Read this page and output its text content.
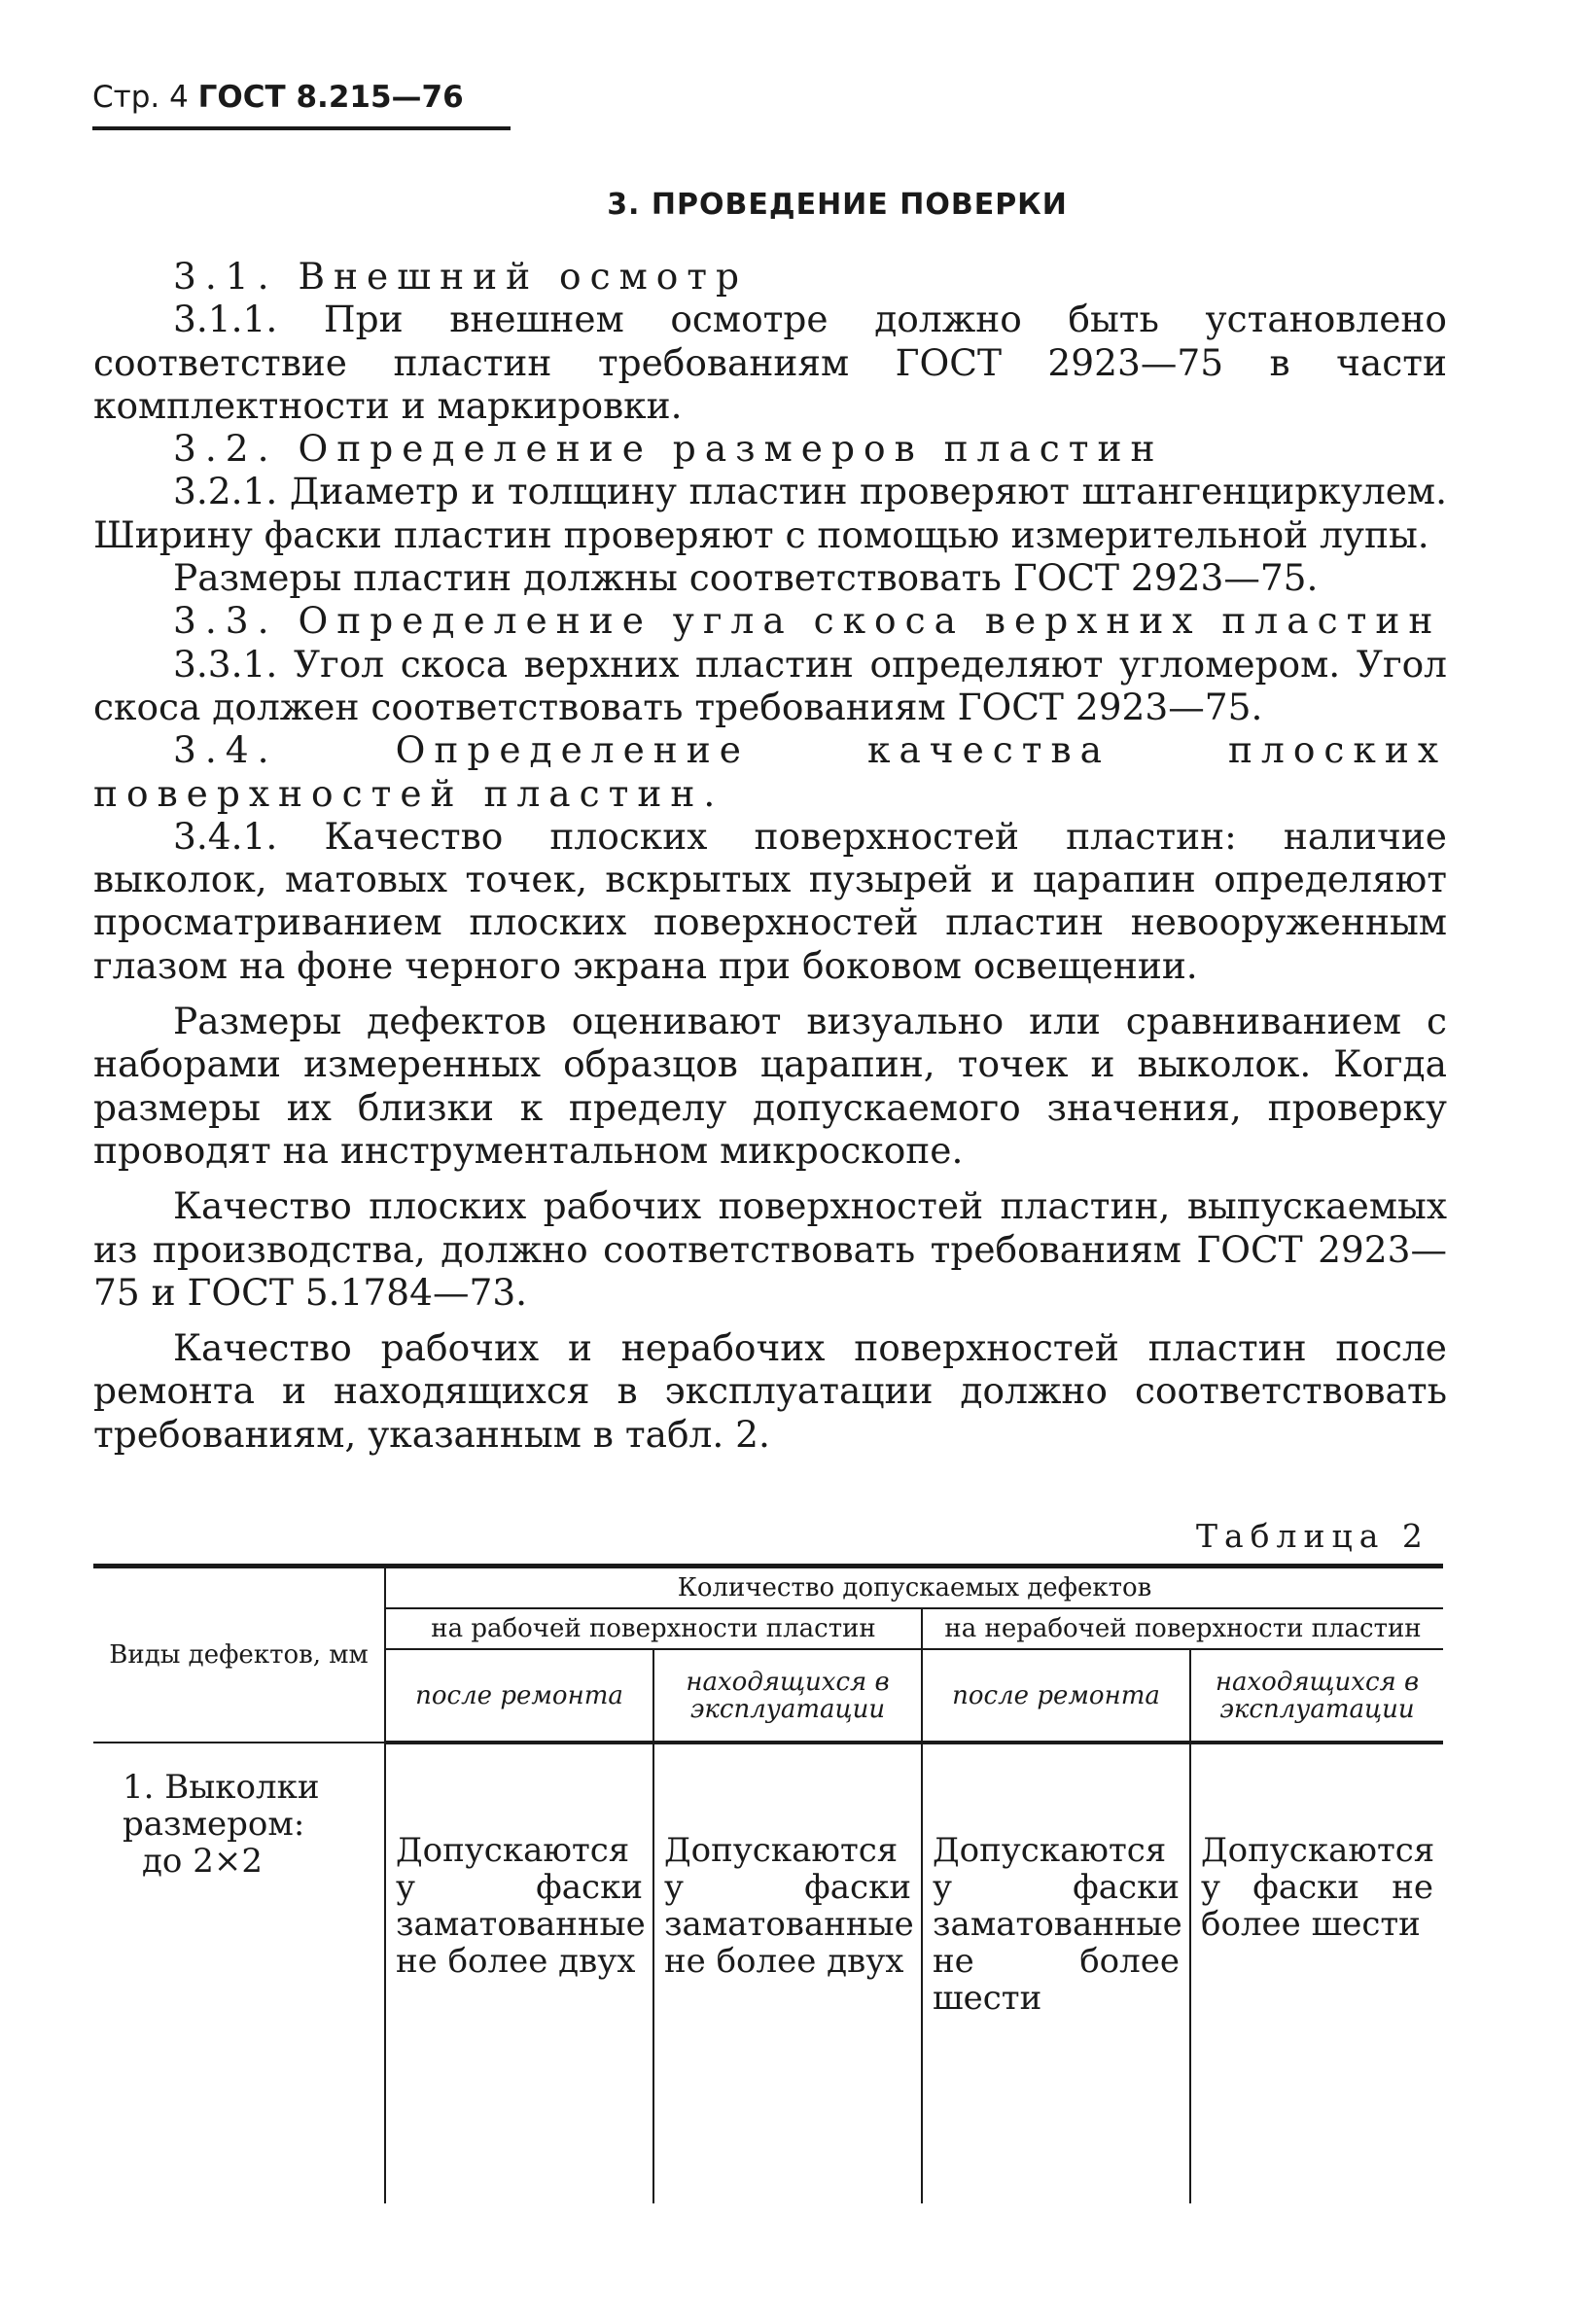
Стр. 4 ГОСТ 8.215—76
3. ПРОВЕДЕНИЕ ПОВЕРКИ

3.1. Внешний осмотр

3.1.1. При внешнем осмотре должно быть установлено соответствие пластин требованиям ГОСТ 2923—75 в части комплектности и маркировки.

3.2. Определение размеров пластин

3.2.1. Диаметр и толщину пластин проверяют штангенциркулем. Ширину фаски пластин проверяют с помощью измерительной лупы.

Размеры пластин должны соответствовать ГОСТ 2923—75.

3.3. Определение угла скоса верхних пластин

3.3.1. Угол скоса верхних пластин определяют угломером. Угол скоса должен соответствовать требованиям ГОСТ 2923—75.

3.4. Определение качества плоских поверхностей пластин.

3.4.1. Качество плоских поверхностей пластин: наличие выколок, матовых точек, вскрытых пузырей и царапин определяют просматриванием плоских поверхностей пластин невооруженным глазом на фоне черного экрана при боковом освещении.

Размеры дефектов оценивают визуально или сравниванием с наборами измеренных образцов царапин, точек и выколок. Когда размеры их близки к пределу допускаемого значения, проверку проводят на инструментальном микроскопе.

Качество плоских рабочих поверхностей пластин, выпускаемых из производства, должно соответствовать требованиям ГОСТ 2923—75 и ГОСТ 5.1784—73.

Качество рабочих и нерабочих поверхностей пластин после ремонта и находящихся в эксплуатации должно соответствовать требованиям, указанным в табл. 2.

Таблица 2
Виды дефектов, мм	Количество допускаемых дефектов			
	на рабочей поверхности пластин		на нерабочей поверхности пластин	
	после ремонта	находящихся в эксплуатации	после ремонта	находящихся в эксплуатации

1. Выколки
размером:
до 2×2	Допускаются у фаски заматованные не более двух	Допускаются у фаски заматованные не более двух	Допускаются у фаски заматованные не более шести	Допускаются у фаски не более шести
